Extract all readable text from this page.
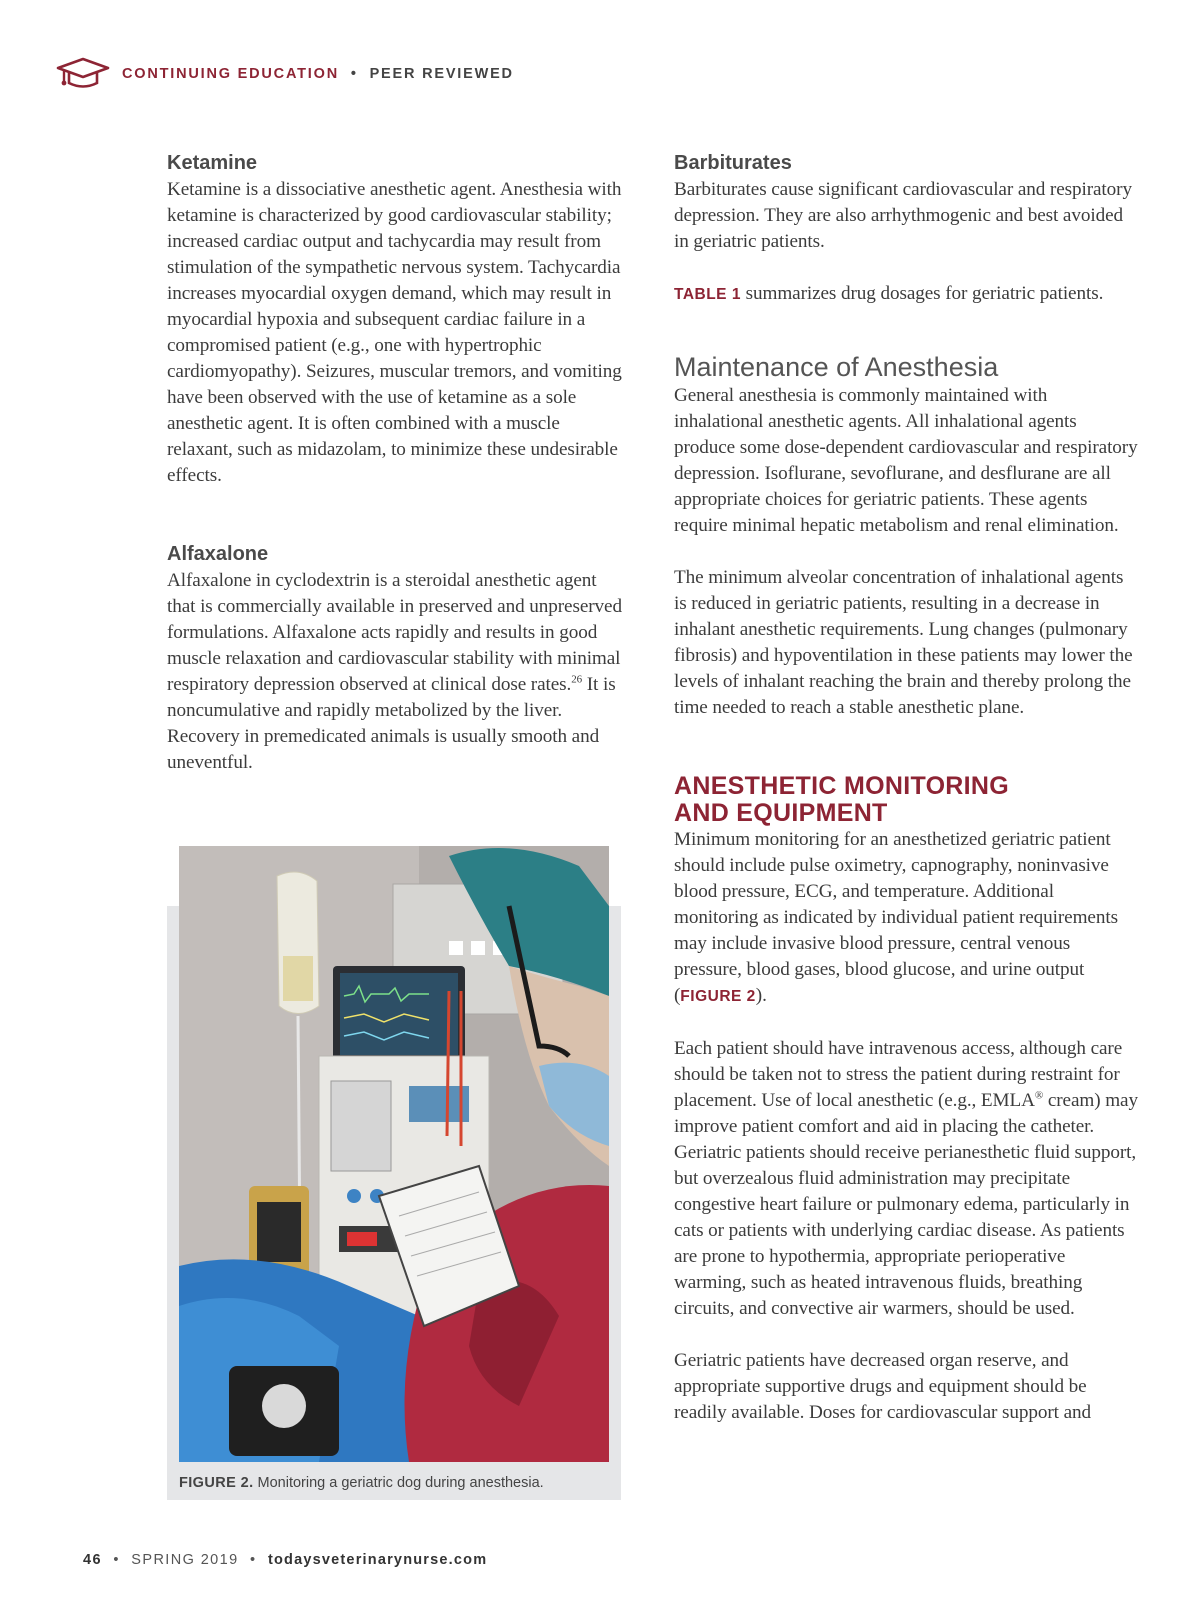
CONTINUING EDUCATION • PEER REVIEWED
Ketamine

Ketamine is a dissociative anesthetic agent. Anesthesia with ketamine is characterized by good cardiovascular stability; increased cardiac output and tachycardia may result from stimulation of the sympathetic nervous system. Tachycardia increases myocardial oxygen demand, which may result in myocardial hypoxia and subsequent cardiac failure in a compromised patient (e.g., one with hypertrophic cardiomyopathy). Seizures, muscular tremors, and vomiting have been observed with the use of ketamine as a sole anesthetic agent. It is often combined with a muscle relaxant, such as midazolam, to minimize these undesirable effects.

Alfaxalone

Alfaxalone in cyclodextrin is a steroidal anesthetic agent that is commercially available in preserved and unpreserved formulations. Alfaxalone acts rapidly and results in good muscle relaxation and cardiovascular stability with minimal respiratory depression observed at clinical dose rates.$^{26}$ It is noncumulative and rapidly metabolized by the liver. Recovery in premedicated animals is usually smooth and uneventful.

FIGURE 2. Monitoring a geriatric dog during anesthesia.
Barbiturates

Barbiturates cause significant cardiovascular and respiratory depression. They are also arrhythmogenic and best avoided in geriatric patients.

TABLE 1 summarizes drug dosages for geriatric patients.

Maintenance of Anesthesia

General anesthesia is commonly maintained with inhalational anesthetic agents. All inhalational agents produce some dose-dependent cardiovascular and respiratory depression. Isoflurane, sevoflurane, and desflurane are all appropriate choices for geriatric patients. These agents require minimal hepatic metabolism and renal elimination.

The minimum alveolar concentration of inhalational agents is reduced in geriatric patients, resulting in a decrease in inhalant anesthetic requirements. Lung changes (pulmonary fibrosis) and hypoventilation in these patients may lower the levels of inhalant reaching the brain and thereby prolong the time needed to reach a stable anesthetic plane.

ANESTHETIC MONITORING
AND EQUIPMENT

Minimum monitoring for an anesthetized geriatric patient should include pulse oximetry, capnography, noninvasive blood pressure, ECG, and temperature. Additional monitoring as indicated by individual patient requirements may include invasive blood pressure, central venous pressure, blood gases, blood glucose, and urine output (FIGURE 2).

Each patient should have intravenous access, although care should be taken not to stress the patient during restraint for placement. Use of local anesthetic (e.g., EMLA® cream) may improve patient comfort and aid in placing the catheter. Geriatric patients should receive perianesthetic fluid support, but overzealous fluid administration may precipitate congestive heart failure or pulmonary edema, particularly in cats or patients with underlying cardiac disease. As patients are prone to hypothermia, appropriate perioperative warming, such as heated intravenous fluids, breathing circuits, and convective air warmers, should be used.

Geriatric patients have decreased organ reserve, and appropriate supportive drugs and equipment should be readily available. Doses for cardiovascular support and

46 • SPRING 2019 • todaysveterinarynurse.com
